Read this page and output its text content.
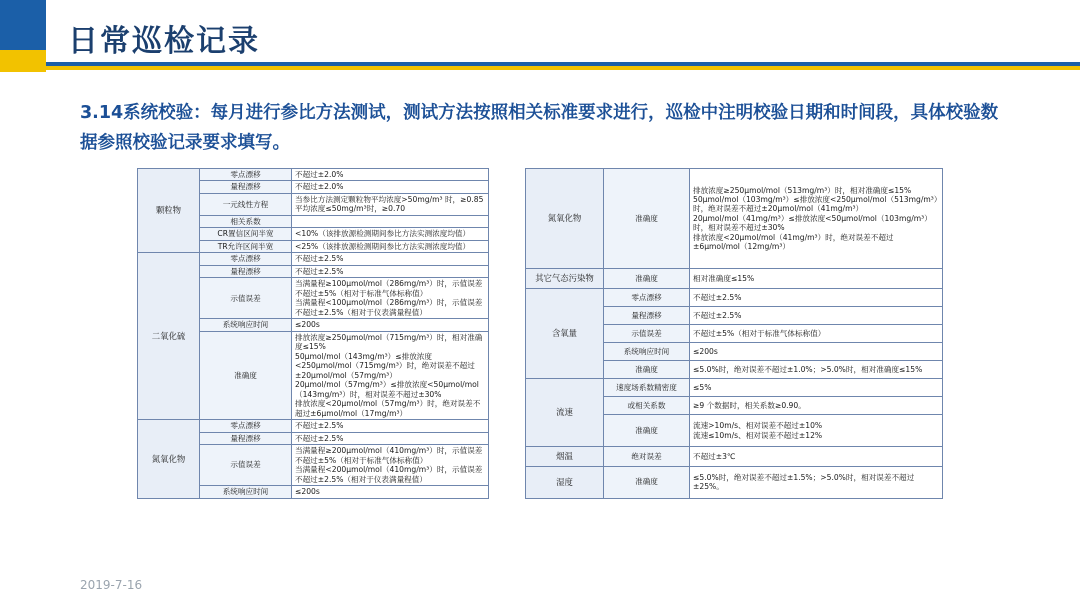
日常巡检记录
3.14系统校验：每月进行参比方法测试，测试方法按照相关标准要求进行，巡检中注明校验日期和时间段，具体校验数据参照校验记录要求填写。
颗粒物	零点漂移	不超过±2.0%
	量程漂移	不超过±2.0%
	一元线性方程	当参比方法测定颗粒物平均浓度>50mg/m³ 时，≥0.85
平均浓度≤50mg/m³时，≥0.70
	相关系数	
	CR置信区间半宽	<10%（该排放源检测期间参比方法实测浓度均值）
	TR允许区间半宽	<25%（该排放源检测期间参比方法实测浓度均值）
二氧化硫	零点漂移	不超过±2.5%
	量程漂移	不超过±2.5%
	示值误差	当满量程≥100μmol/mol（286mg/m³）时，示值误差不超过±5%（相对于标准气体标称值）
当满量程<100μmol/mol（286mg/m³）时，示值误差不超过±2.5%（相对于仪表满量程值）
	系统响应时间	≤200s
	准确度	排放浓度≥250μmol/mol（715mg/m³）时，相对准确度≤15%
50μmol/mol（143mg/m³）≤排放浓度<250μmol/mol（715mg/m³）时，绝对误差不超过±20μmol/mol（57mg/m³）
20μmol/mol（57mg/m³）≤排放浓度<50μmol/mol（143mg/m³）时，相对误差不超过±30%
排放浓度<20μmol/mol（57mg/m³）时，绝对误差不超过±6μmol/mol（17mg/m³）
氮氧化物	零点漂移	不超过±2.5%
	量程漂移	不超过±2.5%
	示值误差	当满量程≥200μmol/mol（410mg/m³）时，示值误差不超过±5%（相对于标准气体标称值）
当满量程<200μmol/mol（410mg/m³）时，示值误差不超过±2.5%（相对于仪表满量程值）
	系统响应时间	≤200s
氮氧化物	准确度	排放浓度≥250μmol/mol（513mg/m³）时，相对准确度≤15%
50μmol/mol（103mg/m³）≤排放浓度<250μmol/mol（513mg/m³）时，绝对误差不超过±20μmol/mol（41mg/m³）
20μmol/mol（41mg/m³）≤排放浓度<50μmol/mol（103mg/m³）时，相对误差不超过±30%
排放浓度<20μmol/mol（41mg/m³）时，绝对误差不超过±6μmol/mol（12mg/m³）
其它气态污染物	准确度	相对准确度≤15%
含氧量	零点漂移	不超过±2.5%
	量程漂移	不超过±2.5%
	示值误差	不超过±5%（相对于标准气体标称值）
	系统响应时间	≤200s
	准确度	≤5.0%时，绝对误差不超过±1.0%；>5.0%时，相对准确度≤15%
流速	速度场系数精密度	≤5%
	或相关系数	≥9 个数据时，相关系数≥0.90。
	准确度	流速>10m/s、相对误差不超过±10%
流速≤10m/s、相对误差不超过±12%
烟温	绝对误差	不超过±3℃
湿度	准确度	≤5.0%时，绝对误差不超过±1.5%；>5.0%时，相对误差不超过±25%。
2019-7-16
